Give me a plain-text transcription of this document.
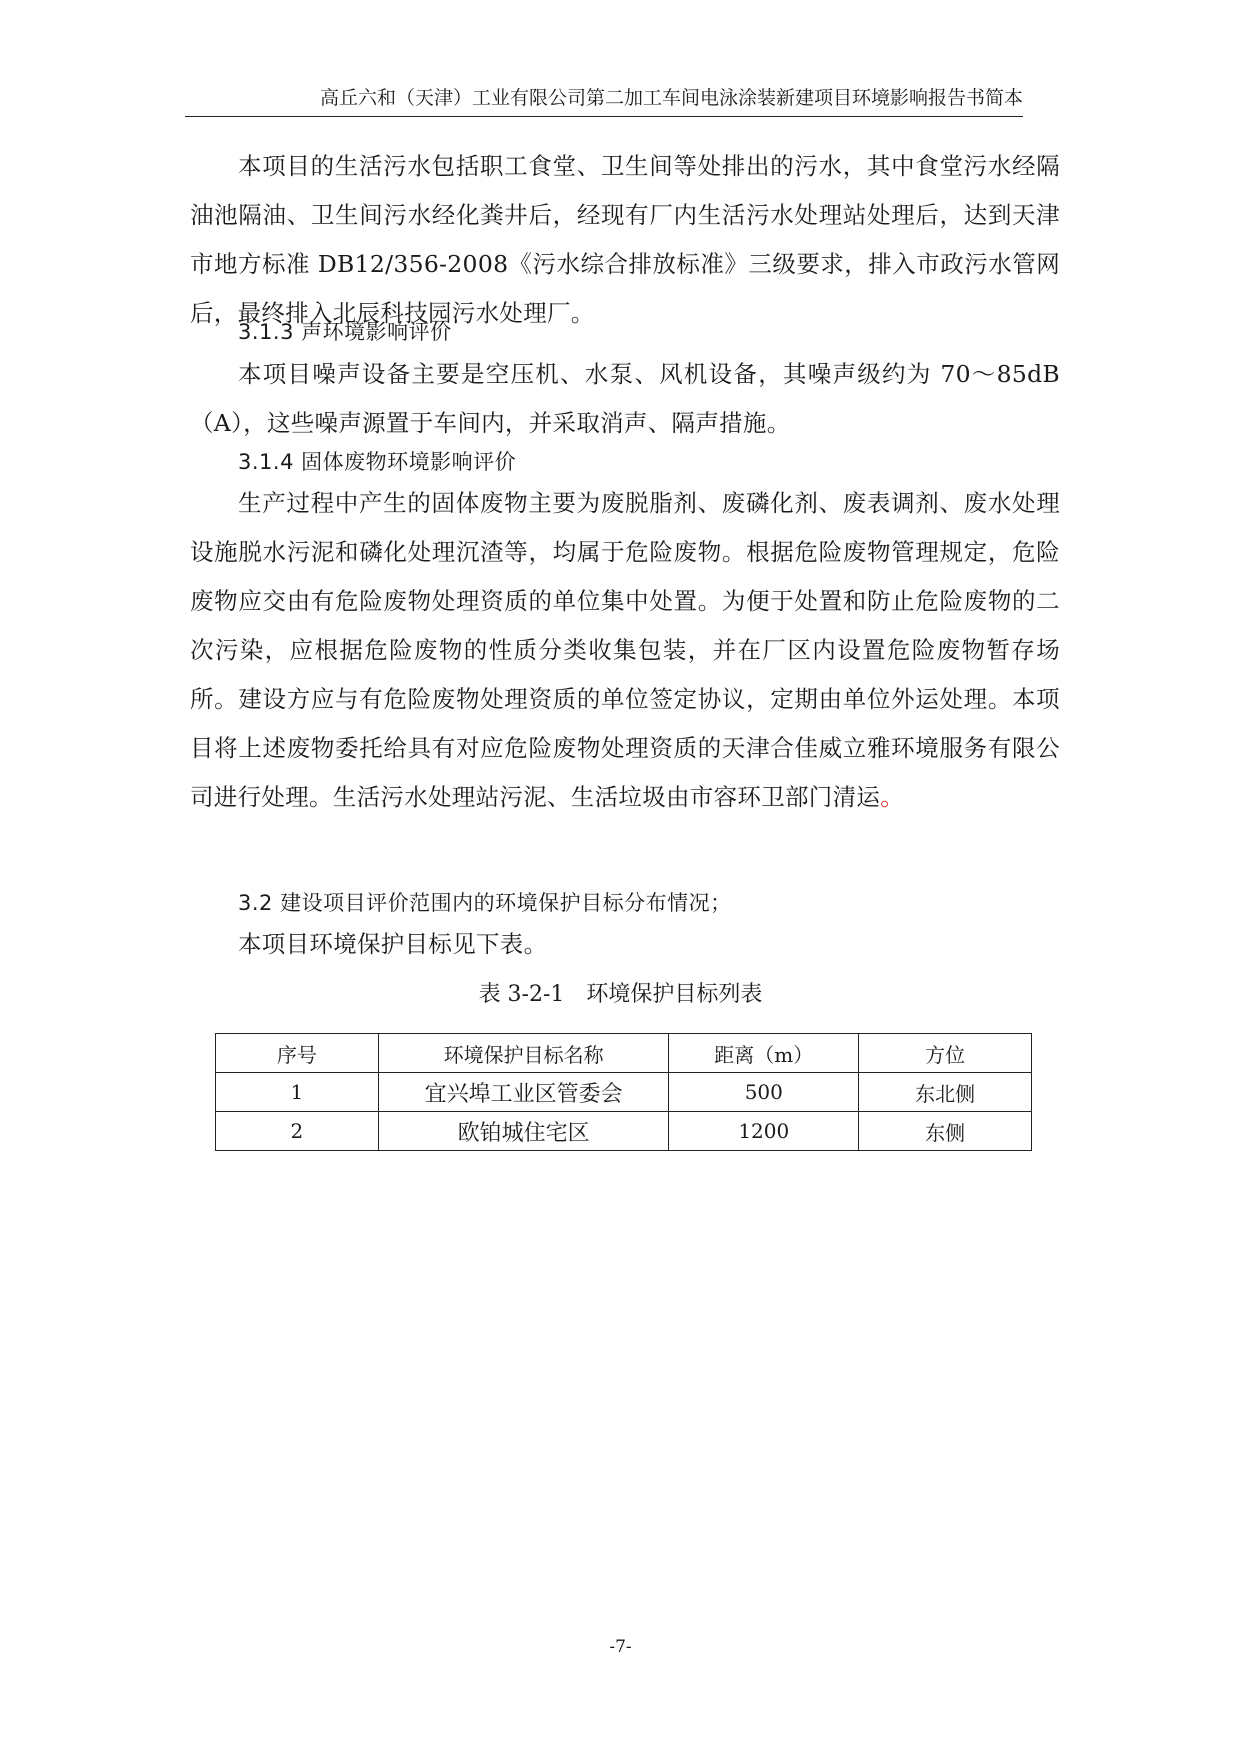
高丘六和（天津）工业有限公司第二加工车间电泳涂装新建项目环境影响报告书简本

本项目的生活污水包括职工食堂、卫生间等处排出的污水，其中食堂污水经隔油池隔油、卫生间污水经化粪井后，经现有厂内生活污水处理站处理后，达到天津市地方标准 DB12/356-2008《污水综合排放标准》三级要求，排入市政污水管网后，最终排入北辰科技园污水处理厂。

3.1.3 声环境影响评价

本项目噪声设备主要是空压机、水泵、风机设备，其噪声级约为 70～85dB（A），这些噪声源置于车间内，并采取消声、隔声措施。

3.1.4 固体废物环境影响评价

生产过程中产生的固体废物主要为废脱脂剂、废磷化剂、废表调剂、废水处理设施脱水污泥和磷化处理沉渣等，均属于危险废物。根据危险废物管理规定，危险废物应交由有危险废物处理资质的单位集中处置。为便于处置和防止危险废物的二次污染，应根据危险废物的性质分类收集包装，并在厂区内设置危险废物暂存场所。建设方应与有危险废物处理资质的单位签定协议，定期由单位外运处理。本项目将上述废物委托给具有对应危险废物处理资质的天津合佳威立雅环境服务有限公司进行处理。生活污水处理站污泥、生活垃圾由市容环卫部门清运。

3.2 建设项目评价范围内的环境保护目标分布情况；

本项目环境保护目标见下表。

表 3-2-1 环境保护目标列表
序号	环境保护目标名称	距离（m）	方位
1	宜兴埠工业区管委会	500	东北侧
2	欧铂城住宅区	1200	东侧
-7-
